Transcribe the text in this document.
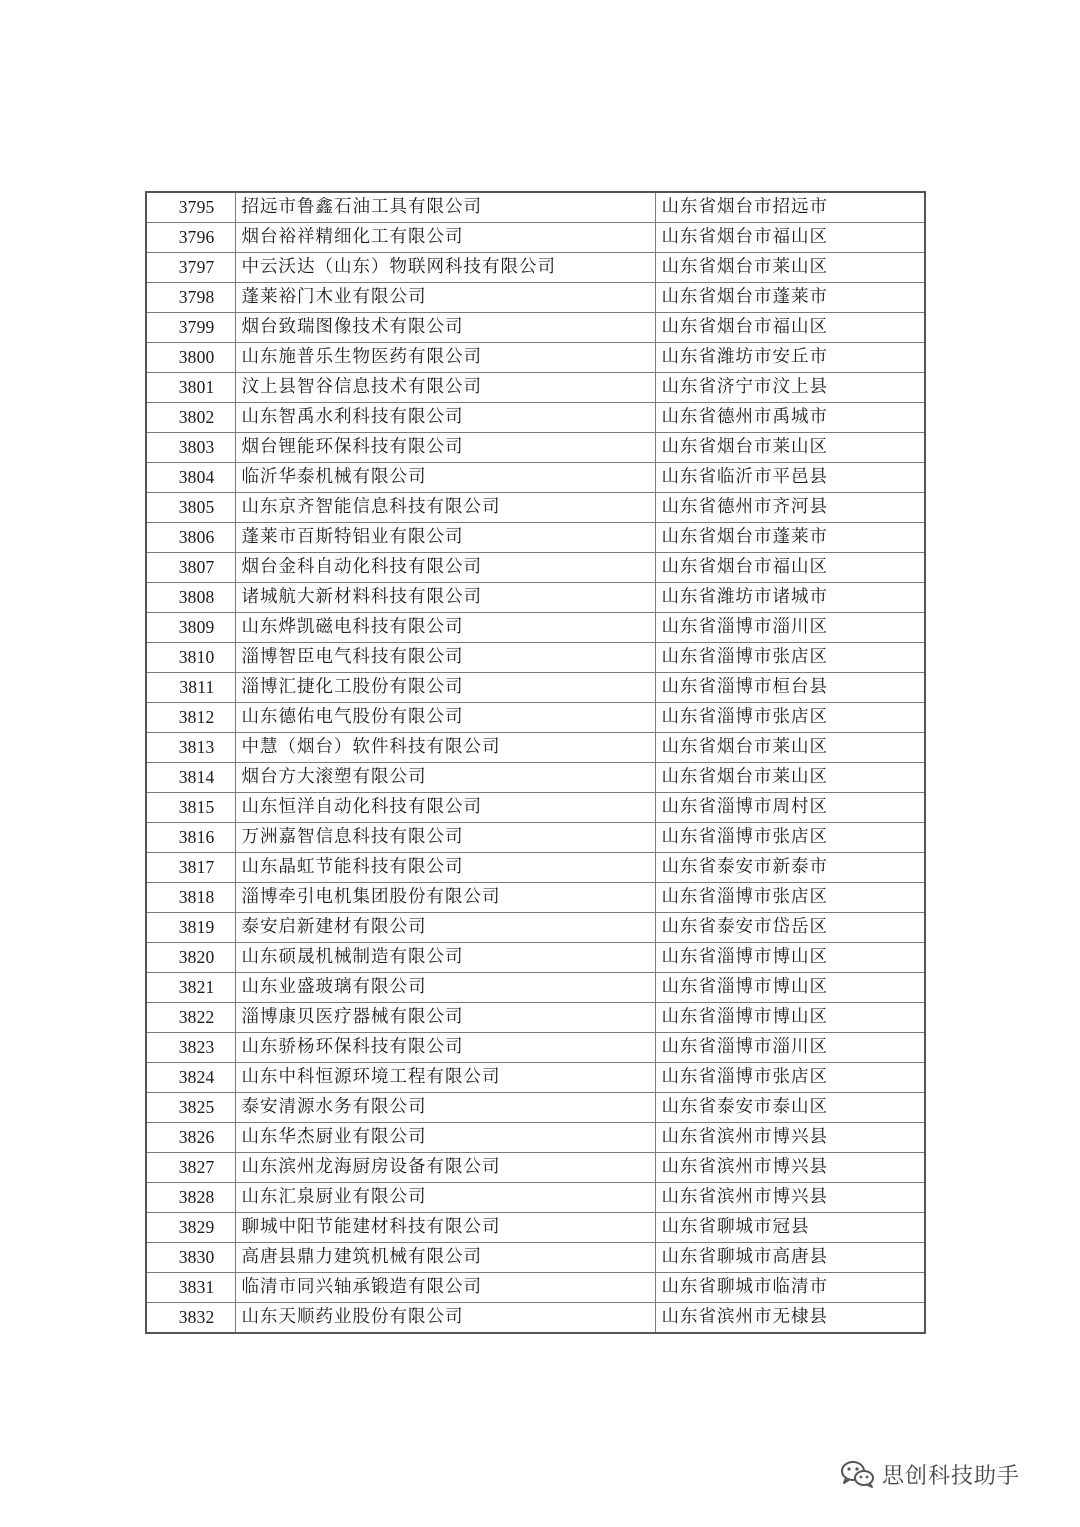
3795	招远市鲁鑫石油工具有限公司	山东省烟台市招远市
3796	烟台裕祥精细化工有限公司	山东省烟台市福山区
3797	中云沃达（山东）物联网科技有限公司	山东省烟台市莱山区
3798	蓬莱裕门木业有限公司	山东省烟台市蓬莱市
3799	烟台致瑞图像技术有限公司	山东省烟台市福山区
3800	山东施普乐生物医药有限公司	山东省潍坊市安丘市
3801	汶上县智谷信息技术有限公司	山东省济宁市汶上县
3802	山东智禹水利科技有限公司	山东省德州市禹城市
3803	烟台锂能环保科技有限公司	山东省烟台市莱山区
3804	临沂华泰机械有限公司	山东省临沂市平邑县
3805	山东京齐智能信息科技有限公司	山东省德州市齐河县
3806	蓬莱市百斯特铝业有限公司	山东省烟台市蓬莱市
3807	烟台金科自动化科技有限公司	山东省烟台市福山区
3808	诸城航大新材料科技有限公司	山东省潍坊市诸城市
3809	山东烨凯磁电科技有限公司	山东省淄博市淄川区
3810	淄博智臣电气科技有限公司	山东省淄博市张店区
3811	淄博汇捷化工股份有限公司	山东省淄博市桓台县
3812	山东德佑电气股份有限公司	山东省淄博市张店区
3813	中慧（烟台）软件科技有限公司	山东省烟台市莱山区
3814	烟台方大滚塑有限公司	山东省烟台市莱山区
3815	山东恒洋自动化科技有限公司	山东省淄博市周村区
3816	万洲嘉智信息科技有限公司	山东省淄博市张店区
3817	山东晶虹节能科技有限公司	山东省泰安市新泰市
3818	淄博牵引电机集团股份有限公司	山东省淄博市张店区
3819	泰安启新建材有限公司	山东省泰安市岱岳区
3820	山东硕晟机械制造有限公司	山东省淄博市博山区
3821	山东业盛玻璃有限公司	山东省淄博市博山区
3822	淄博康贝医疗器械有限公司	山东省淄博市博山区
3823	山东骄杨环保科技有限公司	山东省淄博市淄川区
3824	山东中科恒源环境工程有限公司	山东省淄博市张店区
3825	泰安清源水务有限公司	山东省泰安市泰山区
3826	山东华杰厨业有限公司	山东省滨州市博兴县
3827	山东滨州龙海厨房设备有限公司	山东省滨州市博兴县
3828	山东汇泉厨业有限公司	山东省滨州市博兴县
3829	聊城中阳节能建材科技有限公司	山东省聊城市冠县
3830	高唐县鼎力建筑机械有限公司	山东省聊城市高唐县
3831	临清市同兴轴承锻造有限公司	山东省聊城市临清市
3832	山东天顺药业股份有限公司	山东省滨州市无棣县
思创科技助手
